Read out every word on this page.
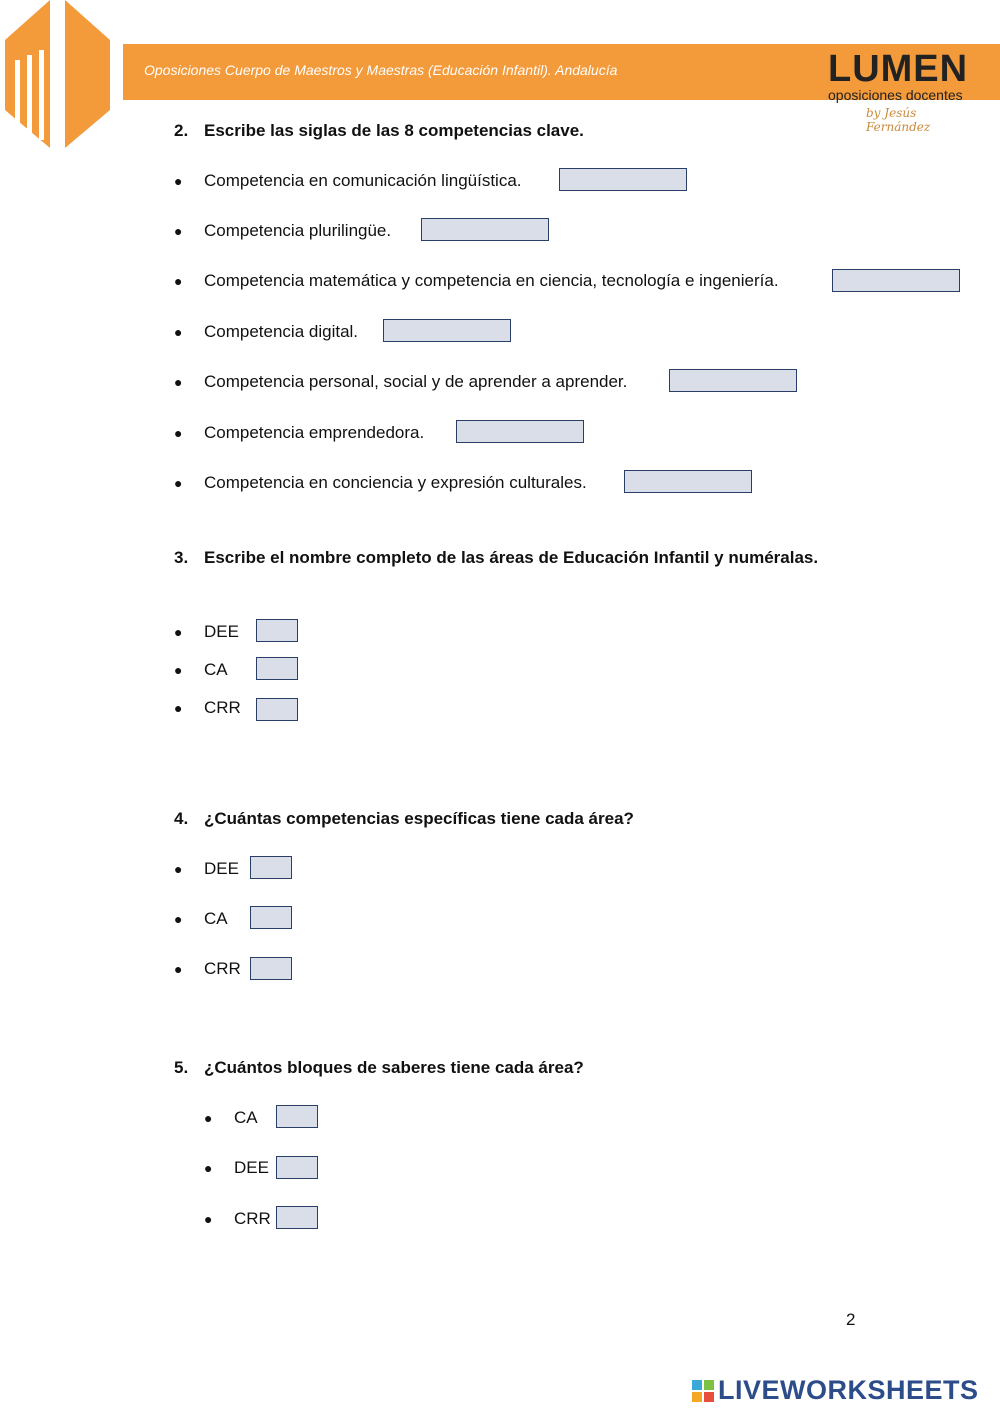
Oposiciones Cuerpo de Maestros y Maestras (Educación Infantil). Andalucía	LUMEN
oposiciones docentes
by Jesús Fernández
2. Escribe las siglas de las 8 competencias clave.
●	Competencia en comunicación lingüística.
●	Competencia plurilingüe.
●	Competencia matemática y competencia en ciencia, tecnología e ingeniería.
●	Competencia digital.
●	Competencia personal, social y de aprender a aprender.
●	Competencia emprendedora.
●	Competencia en conciencia y expresión culturales.
3. Escribe el nombre completo de las áreas de Educación Infantil y numéralas.
●	DEE
●	CA
●	CRR
4. ¿Cuántas competencias específicas tiene cada área?
●	DEE
●	CA
●	CRR
5. ¿Cuántos bloques de saberes tiene cada área?
●	CA
●	DEE
●	CRR
2
LIVEWORKSHEETS
